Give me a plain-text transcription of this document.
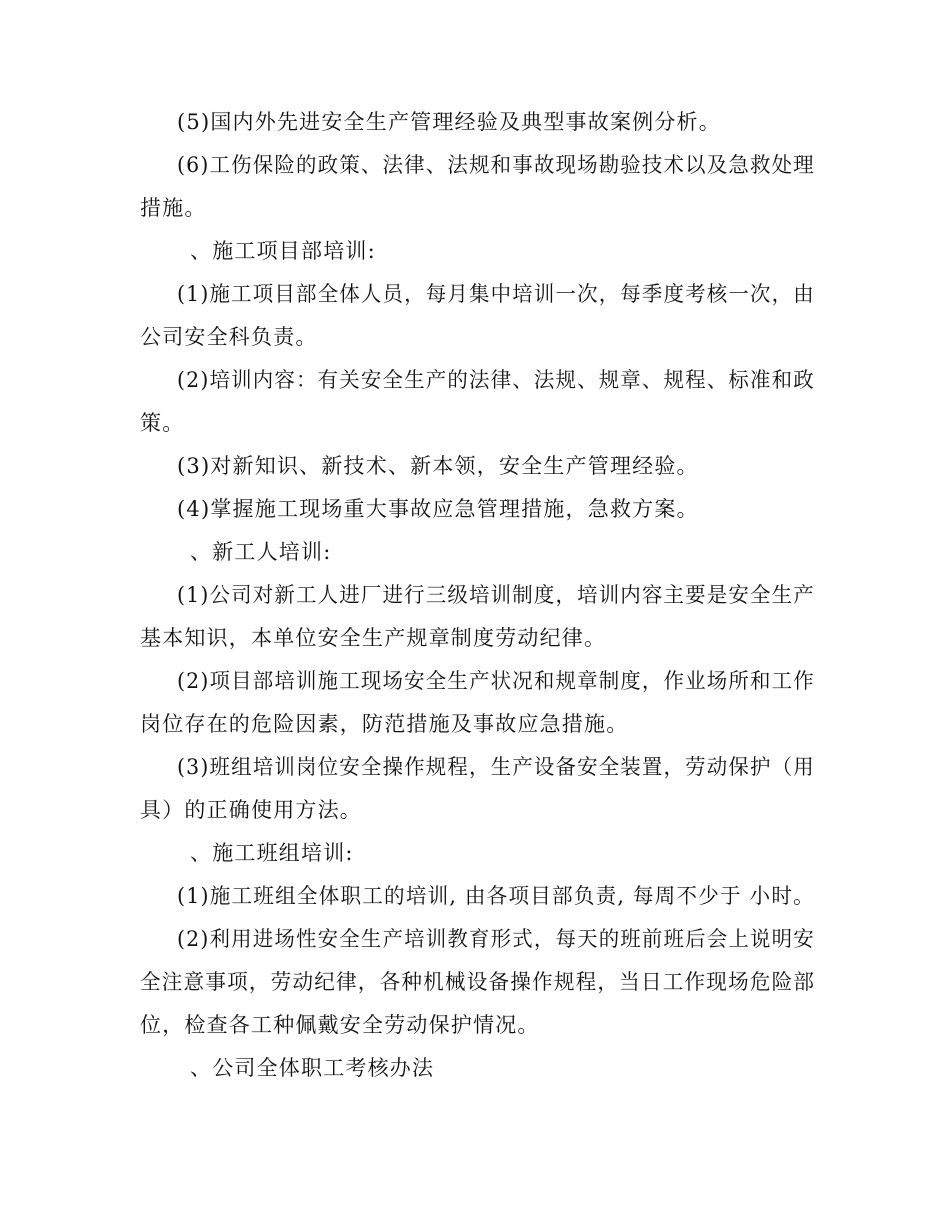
(5)国内外先进安全生产管理经验及典型事故案例分析。
(6)工伤保险的政策、法律、法规和事故现场勘验技术以及急救处理
措施。
、施工项目部培训:
(1)施工项目部全体人员，每月集中培训一次，每季度考核一次，由
公司安全科负责。
(2)培训内容：有关安全生产的法律、法规、规章、规程、标准和政
策。
(3)对新知识、新技术、新本领，安全生产管理经验。
(4)掌握施工现场重大事故应急管理措施，急救方案。
、新工人培训:
(1)公司对新工人进厂进行三级培训制度，培训内容主要是安全生产
基本知识，本单位安全生产规章制度劳动纪律。
(2)项目部培训施工现场安全生产状况和规章制度，作业场所和工作
岗位存在的危险因素，防范措施及事故应急措施。
(3)班组培训岗位安全操作规程，生产设备安全装置，劳动保护（用
具）的正确使用方法。
、施工班组培训:
(1)施工班组全体职工的培训, 由各项目部负责, 每周不少于 小时。
(2)利用进场性安全生产培训教育形式，每天的班前班后会上说明安
全注意事项，劳动纪律，各种机械设备操作规程，当日工作现场危险部
位，检查各工种佩戴安全劳动保护情况。
、公司全体职工考核办法
